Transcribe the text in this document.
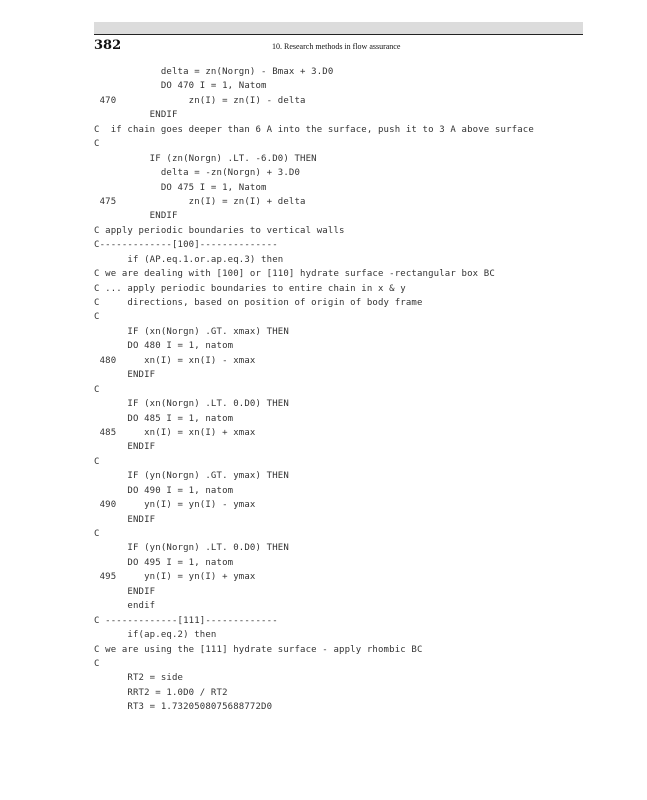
382	10. Research methods in flow assurance
delta = zn(Norgn) - Bmax + 3.D0
DO 470 I = 1, Natom
470             zn(I) = zn(I) - delta
ENDIF
C  if chain goes deeper than 6 A into the surface, push it to 3 A above surface
C
IF (zn(Norgn) .LT. -6.D0) THEN
delta = -zn(Norgn) + 3.D0
DO 475 I = 1, Natom
475             zn(I) = zn(I) + delta
ENDIF
C apply periodic boundaries to vertical walls
C-------------[100]--------------
if (AP.eq.1.or.ap.eq.3) then
C we are dealing with [100] or [110] hydrate surface -rectangular box BC
C ... apply periodic boundaries to entire chain in x & y
C     directions, based on position of origin of body frame
C
IF (xn(Norgn) .GT. xmax) THEN
DO 480 I = 1, natom
480     xn(I) = xn(I) - xmax
ENDIF
C
IF (xn(Norgn) .LT. 0.D0) THEN
DO 485 I = 1, natom
485     xn(I) = xn(I) + xmax
ENDIF
C
IF (yn(Norgn) .GT. ymax) THEN
DO 490 I = 1, natom
490     yn(I) = yn(I) - ymax
ENDIF
C
IF (yn(Norgn) .LT. 0.D0) THEN
DO 495 I = 1, natom
495     yn(I) = yn(I) + ymax
ENDIF
endif
C -------------[111]-------------
if(ap.eq.2) then
C we are using the [111] hydrate surface - apply rhombic BC
C
RT2 = side
RRT2 = 1.0D0 / RT2
RT3 = 1.7320508075688772D0
